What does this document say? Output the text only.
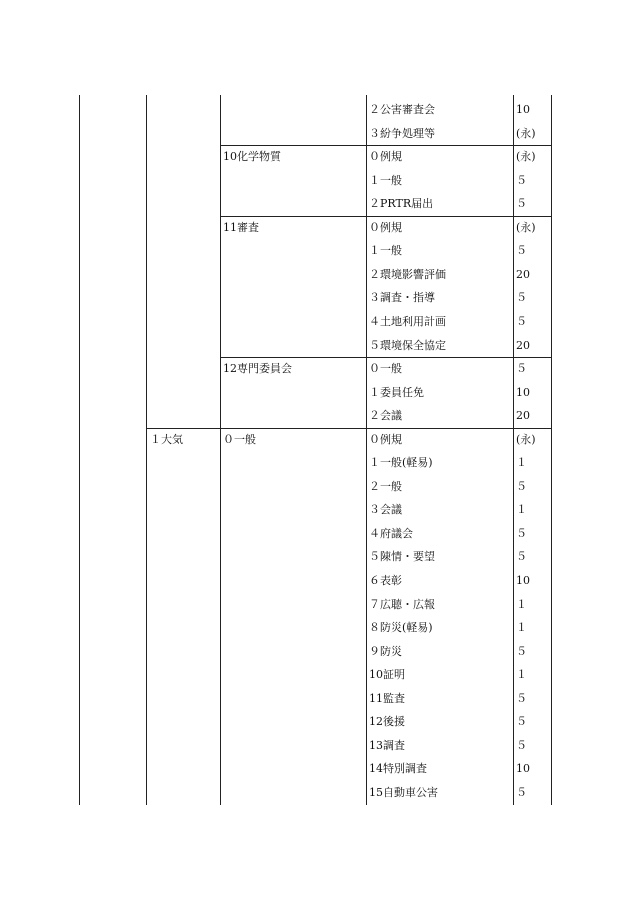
２公害審査会	10
３紛争処理等	(永)
10化学物質	０例規	(永)
１一般	５
２PRTR届出	５
11審査	０例規	(永)
１一般	５
２環境影響評価	20
３調査・指導	５
４土地利用計画	５
５環境保全協定	20
12専門委員会	０一般	５
１委員任免	10
２会議	20
１大気	０一般	０例規	(永)
１一般(軽易)	１
２一般	５
３会議	１
４府議会	５
５陳情・要望	５
６表彰	10
７広聴・広報	１
８防災(軽易)	１
９防災	５
10証明	１
11監査	５
12後援	５
13調査	５
14特別調査	10
15自動車公害	５
